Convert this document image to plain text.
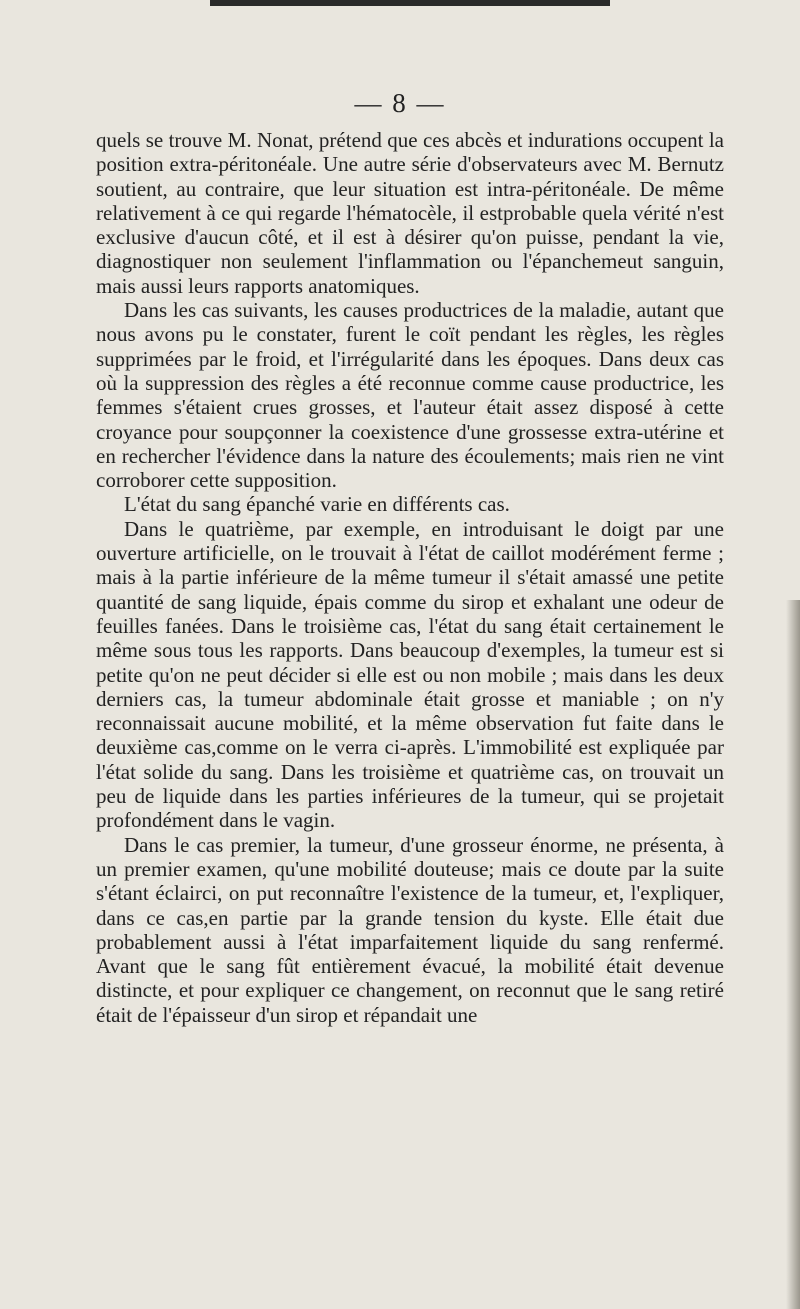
— 8 —

quels se trouve M. Nonat, prétend que ces abcès et indurations occupent la position extra-péritonéale. Une autre série d'observateurs avec M. Bernutz soutient, au contraire, que leur situation est intra-péritonéale. De même relativement à ce qui regarde l'hématocèle, il estprobable quela vérité n'est exclusive d'aucun côté, et il est à désirer qu'on puisse, pendant la vie, diagnostiquer non seulement l'inflammation ou l'épanchemeut sanguin, mais aussi leurs rapports anatomiques.

Dans les cas suivants, les causes productrices de la maladie, autant que nous avons pu le constater, furent le coït pendant les règles, les règles supprimées par le froid, et l'irrégularité dans les époques. Dans deux cas où la suppression des règles a été reconnue comme cause productrice, les femmes s'étaient crues grosses, et l'auteur était assez disposé à cette croyance pour soupçonner la coexistence d'une grossesse extra-utérine et en rechercher l'évidence dans la nature des écoulements; mais rien ne vint corroborer cette supposition.

L'état du sang épanché varie en différents cas.

Dans le quatrième, par exemple, en introduisant le doigt par une ouverture artificielle, on le trouvait à l'état de caillot modérément ferme ; mais à la partie inférieure de la même tumeur il s'était amassé une petite quantité de sang liquide, épais comme du sirop et exhalant une odeur de feuilles fanées. Dans le troisième cas, l'état du sang était certainement le même sous tous les rapports. Dans beaucoup d'exemples, la tumeur est si petite qu'on ne peut décider si elle est ou non mobile ; mais dans les deux derniers cas, la tumeur abdominale était grosse et maniable ; on n'y reconnaissait aucune mobilité, et la même observation fut faite dans le deuxième cas,comme on le verra ci-après. L'immobilité est expliquée par l'état solide du sang. Dans les troisième et quatrième cas, on trouvait un peu de liquide dans les parties inférieures de la tumeur, qui se projetait profondément dans le vagin.

Dans le cas premier, la tumeur, d'une grosseur énorme, ne présenta, à un premier examen, qu'une mobilité douteuse; mais ce doute par la suite s'étant éclairci, on put reconnaître l'existence de la tumeur, et, l'expliquer, dans ce cas,en partie par la grande tension du kyste. Elle était due probablement aussi à l'état imparfaitement liquide du sang renfermé. Avant que le sang fût entièrement évacué, la mobilité était devenue distincte, et pour expliquer ce changement, on reconnut que le sang retiré était de l'épaisseur d'un sirop et répandait une
